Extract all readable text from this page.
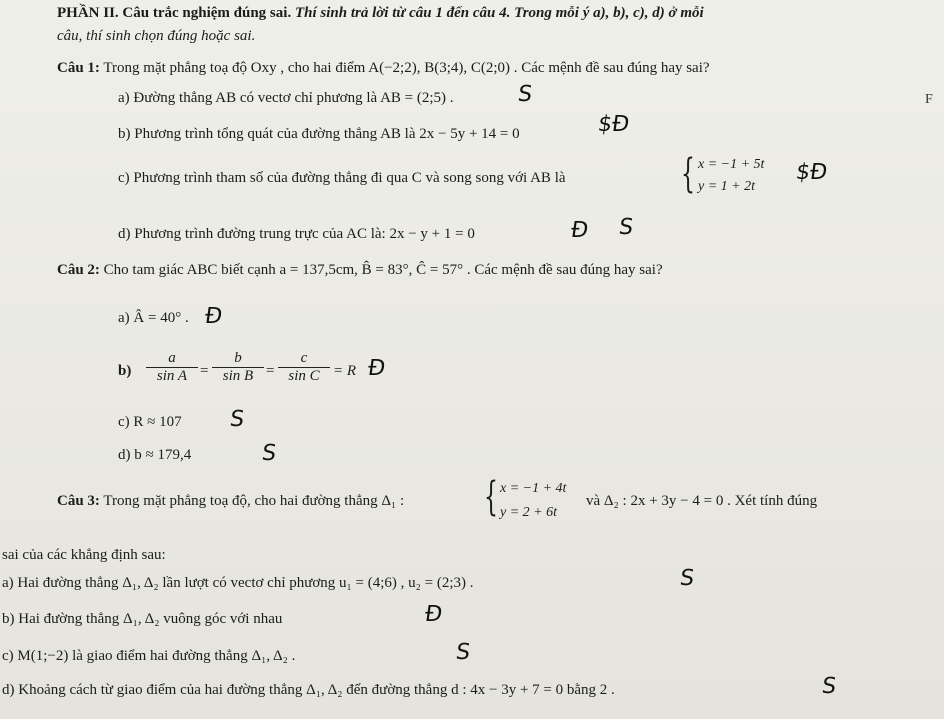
PHẦN II. Câu trắc nghiệm đúng sai. Thí sinh trả lời từ câu 1 đến câu 4. Trong mỗi ý a), b), c), d) ở mỗi
câu, thí sinh chọn đúng hoặc sai.
Câu 1: Trong mặt phẳng toạ độ Oxy , cho hai điểm A(−2;2), B(3;4), C(2;0) . Các mệnh đề sau đúng hay sai?
a) Đường thẳng AB có vectơ chỉ phương là AB = (2;5) .	S	F
b) Phương trình tổng quát của đường thẳng AB là 2x − 5y + 14 = 0	$Đ
c) Phương trình tham số của đường thẳng đi qua C và song song với AB là	{ x = −1 + 5t
y = 1 + 2t
$Đ
d) Phương trình đường trung trực của AC là: 2x − y + 1 = 0	Đ S
Câu 2: Cho tam giác ABC biết cạnh a = 137,5cm, B̂ = 83°, Ĉ = 57° . Các mệnh đề sau đúng hay sai?
a) Â = 40° . Đ
$b) \frac{a}{\text{sin A}} = \frac{b}{\text{sin B}} = \frac{c}{\text{sin C}} = R$ Đ
c) R ≈ 107 S
d) b ≈ 179,4	S
Câu 3: Trong mặt phẳng toạ độ, cho hai đường thẳng Δ₁ : { x = −1 + 4t
y = 2 + 6t
và Δ₂ : 2x + 3y − 4 = 0 . Xét tính đúng
sai của các khẳng định sau:
a) Hai đường thẳng Δ₁, Δ₂ lần lượt có vectơ chỉ phương u₁ = (4;6) , u₂ = (2;3) .	S
b) Hai đường thẳng Δ₁, Δ₂ vuông góc với nhau	Đ
c) M(1;−2) là giao điểm hai đường thẳng Δ₁, Δ₂ .	S
d) Khoảng cách từ giao điểm của hai đường thẳng Δ₁, Δ₂ đến đường thẳng d : 4x − 3y + 7 = 0 bằng 2 .	S
